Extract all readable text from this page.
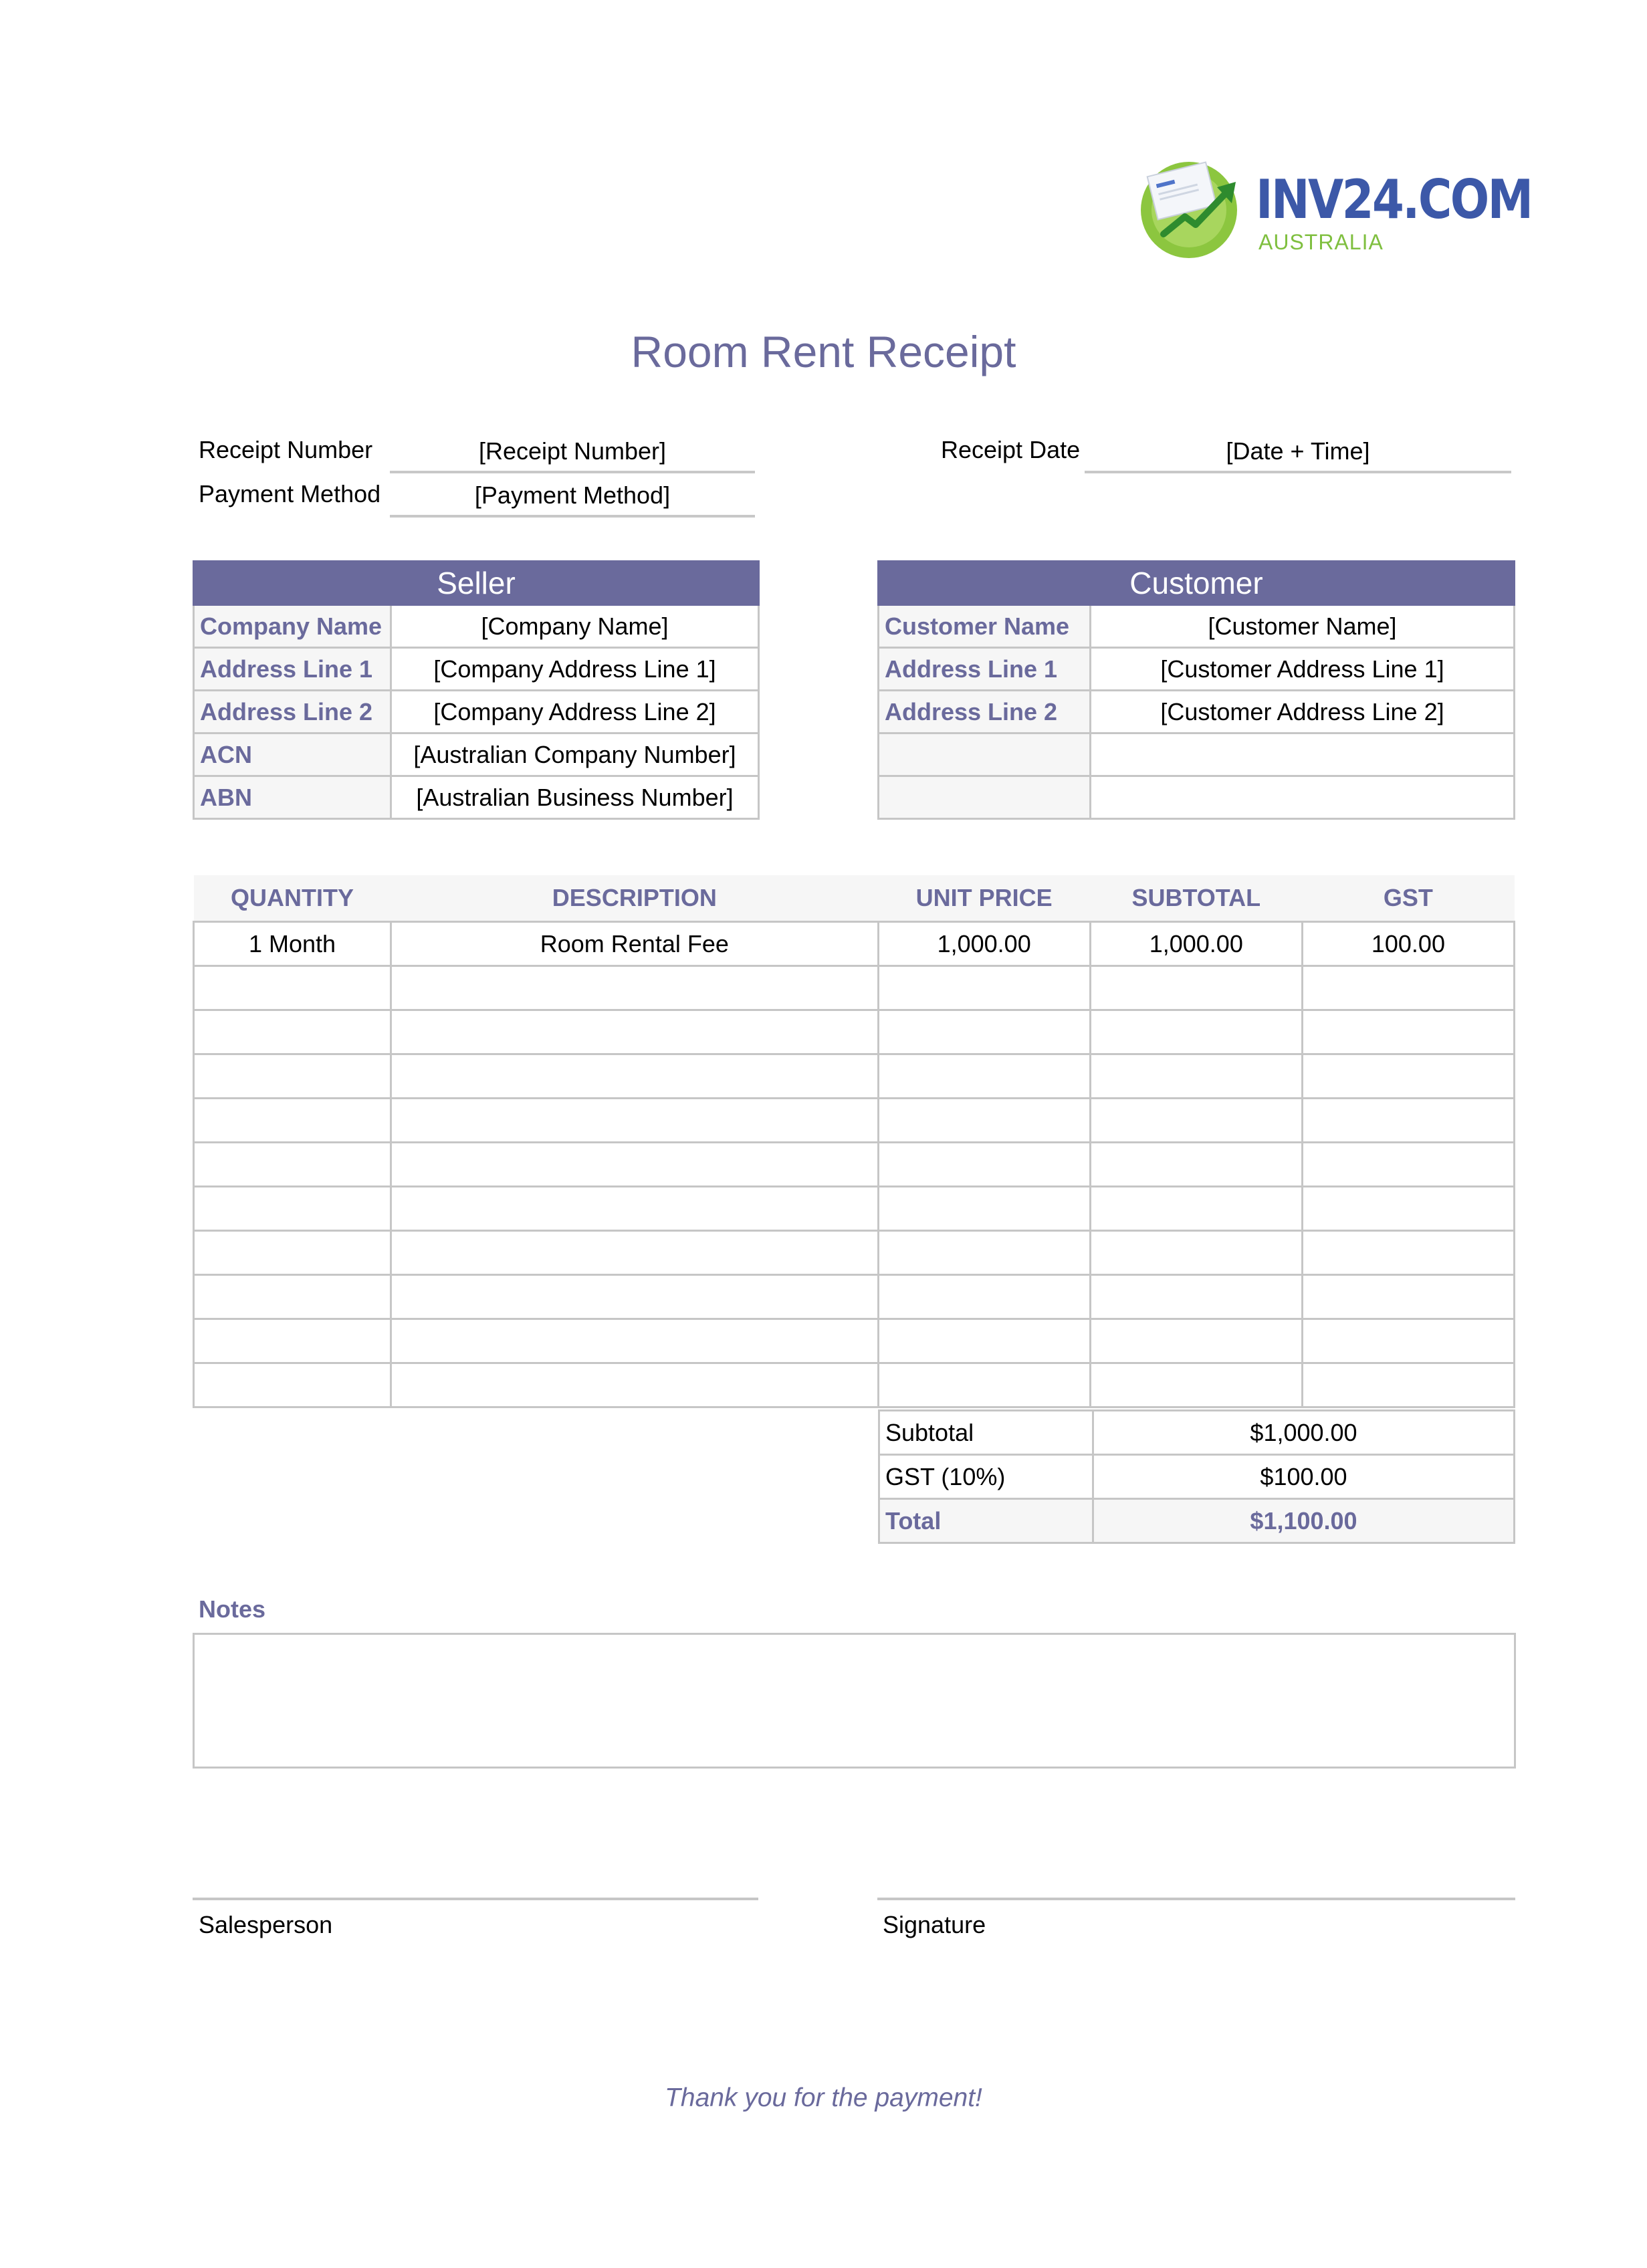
INV24.COM
AUSTRALIA
Room Rent Receipt
Receipt Number	[Receipt Number]
Payment Method	[Payment Method]
Receipt Date	[Date + Time]
Seller	
Company Name	[Company Name]
Address Line 1	[Company Address Line 1]
Address Line 2	[Company Address Line 2]
ACN	[Australian Company Number]
ABN	[Australian Business Number]
Customer	
Customer Name	[Customer Name]
Address Line 1	[Customer Address Line 1]
Address Line 2	[Customer Address Line 2]

QUANTITY	DESCRIPTION	UNIT PRICE	SUBTOTAL	GST
1 Month	Room Rental Fee	1,000.00	1,000.00	100.00

Subtotal	$1,000.00
GST (10%)	$100.00
Total	$1,100.00
Notes
Salesperson	Signature
Thank you for the payment!
